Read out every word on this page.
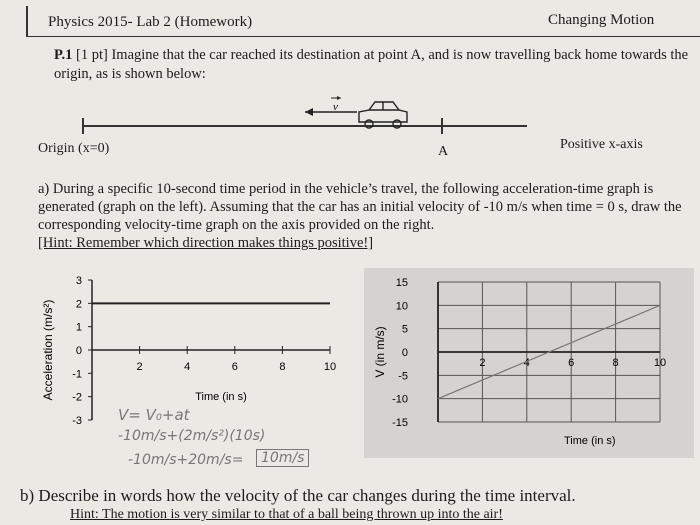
Physics 2015- Lab 2 (Homework)	Changing Motion
P.1 [1 pt] Imagine that the car reached its destination at point A, and is now travelling back home towards the origin, as is shown below:
v
Origin (x=0)	A	Positive x-axis
a) During a specific 10-second time period in the vehicle’s travel, the following acceleration-time graph is generated (graph on the left). Assuming that the car has an initial velocity of -10 m/s when time = 0 s, draw the corresponding velocity-time graph on the axis provided on the right.
[Hint: Remember which direction makes things positive!]
3
2
1
0
-1
-2
-3
2	4	6	8	10
Time (in s)
Acceleration (m/s²)
15
10
5
0
-5
-10
-15
2	4	6	8	10
Time (in s)
V (in m/s)
V= V₀+at
-10m/s+(2m/s²)(10s)
-10m/s+20m/s=	10m/s
b) Describe in words how the velocity of the car changes during the time interval.
Hint: The motion is very similar to that of a ball being thrown up into the air!
